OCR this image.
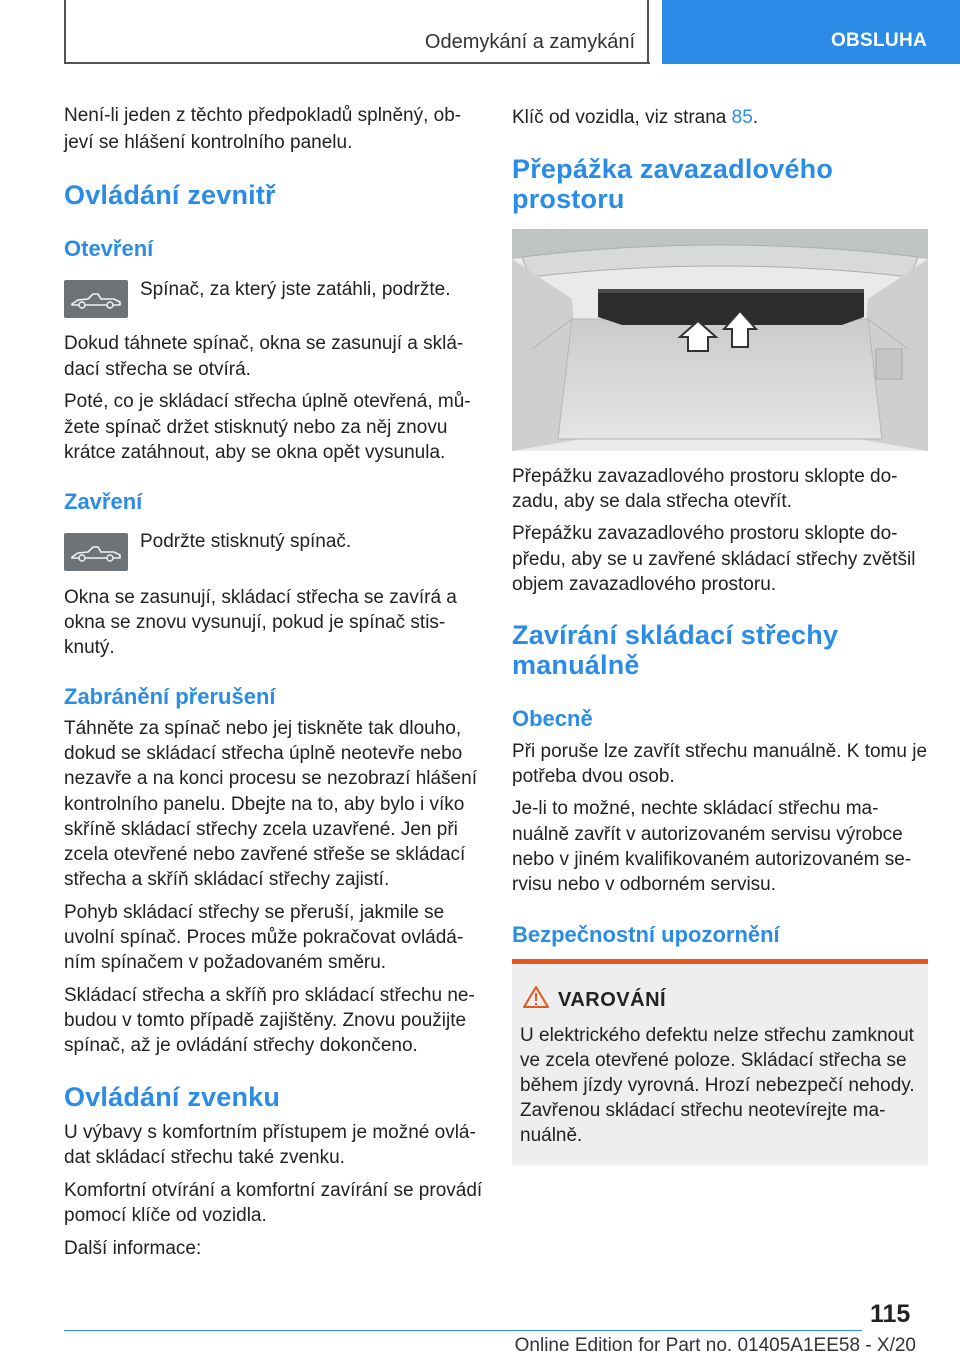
Odemykání a zamykání	OBSLUHA
Není-li jeden z těchto předpokladů splněný, ob-
jeví se hlášení kontrolního panelu.
Ovládání zevnitř
Otevření
Spínač, za který jste zatáhli, podržte.
Dokud táhnete spínač, okna se zasunují a sklá-
dací střecha se otvírá.
Poté, co je skládací střecha úplně otevřená, mů-
žete spínač držet stisknutý nebo za něj znovu
krátce zatáhnout, aby se okna opět vysunula.
Zavření
Podržte stisknutý spínač.
Okna se zasunují, skládací střecha se zavírá a
okna se znovu vysunují, pokud je spínač stis-
knutý.
Zabránění přerušení
Táhněte za spínač nebo jej tiskněte tak dlouho,
dokud se skládací střecha úplně neotevře nebo
nezavře a na konci procesu se nezobrazí hlášení
kontrolního panelu. Dbejte na to, aby bylo i víko
skříně skládací střechy zcela uzavřené. Jen při
zcela otevřené nebo zavřené střeše se skládací
střecha a skříň skládací střechy zajistí.
Pohyb skládací střechy se přeruší, jakmile se
uvolní spínač. Proces může pokračovat ovládá-
ním spínačem v požadovaném směru.
Skládací střecha a skříň pro skládací střechu ne-
budou v tomto případě zajištěny. Znovu použijte
spínač, až je ovládání střechy dokončeno.
Ovládání zvenku
U výbavy s komfortním přístupem je možné ovlá-
dat skládací střechu také zvenku.
Komfortní otvírání a komfortní zavírání se provádí
pomocí klíče od vozidla.
Další informace:
Klíč od vozidla, viz strana 85.
Přepážka zavazadlového
prostoru
Přepážku zavazadlového prostoru sklopte do-
zadu, aby se dala střecha otevřít.
Přepážku zavazadlového prostoru sklopte do-
předu, aby se u zavřené skládací střechy zvětšil
objem zavazadlového prostoru.
Zavírání skládací střechy
manuálně
Obecně
Při poruše lze zavřít střechu manuálně. K tomu je
potřeba dvou osob.
Je-li to možné, nechte skládací střechu ma-
nuálně zavřít v autorizovaném servisu výrobce
nebo v jiném kvalifikovaném autorizovaném se-
rvisu nebo v odborném servisu.
Bezpečnostní upozornění
VAROVÁNÍ
U elektrického defektu nelze střechu zamknout
ve zcela otevřené poloze. Skládací střecha se
během jízdy vyrovná. Hrozí nebezpečí nehody.
Zavřenou skládací střechu neotevírejte ma-
nuálně.
115
Online Edition for Part no. 01405A1EE58 - X/20
